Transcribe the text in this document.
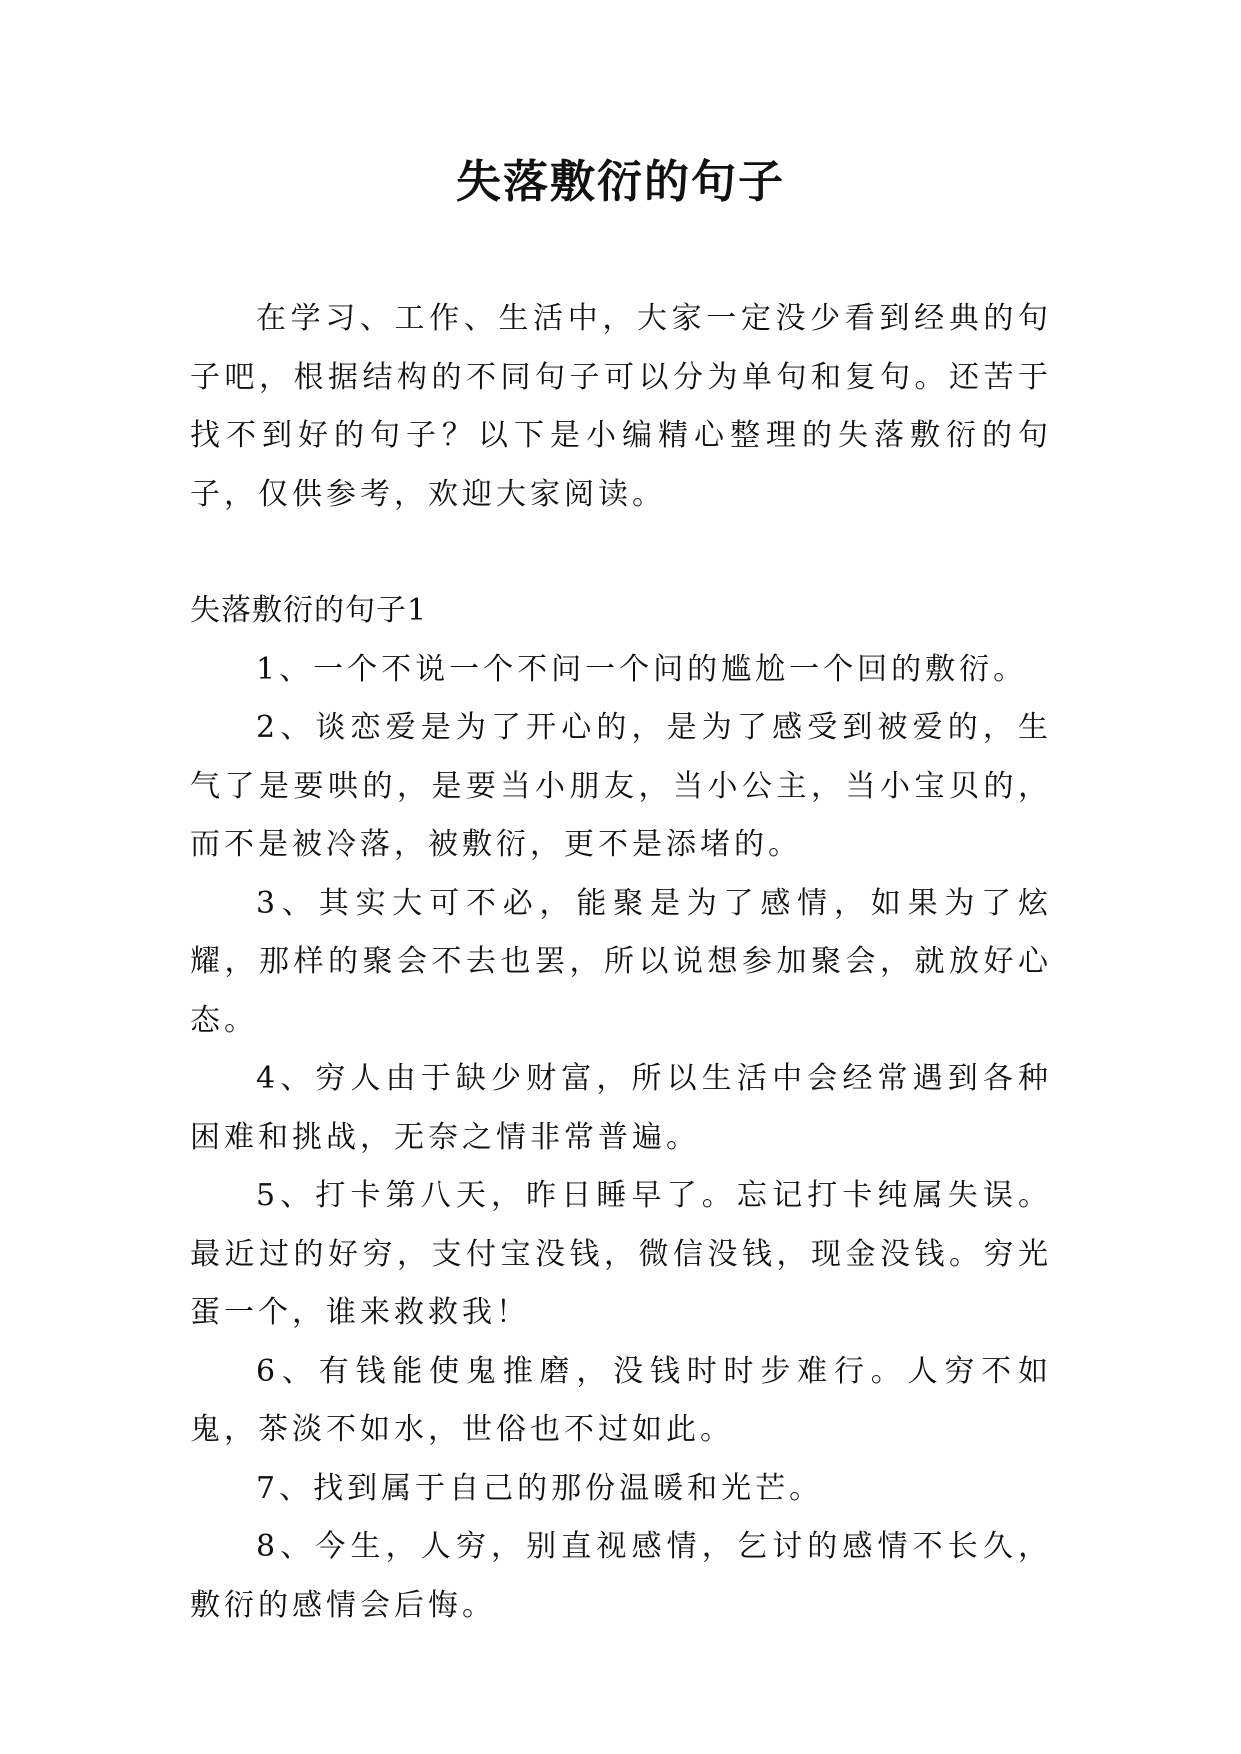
失落敷衍的句子

在学习、工作、生活中，大家一定没少看到经典的句子吧，根据结构的不同句子可以分为单句和复句。还苦于找不到好的句子？以下是小编精心整理的失落敷衍的句子，仅供参考，欢迎大家阅读。

失落敷衍的句子1

1、一个不说一个不问一个问的尴尬一个回的敷衍。

2、谈恋爱是为了开心的，是为了感受到被爱的，生气了是要哄的，是要当小朋友，当小公主，当小宝贝的，而不是被冷落，被敷衍，更不是添堵的。

3、其实大可不必，能聚是为了感情，如果为了炫耀，那样的聚会不去也罢，所以说想参加聚会，就放好心态。

4、穷人由于缺少财富，所以生活中会经常遇到各种困难和挑战，无奈之情非常普遍。

5、打卡第八天，昨日睡早了。忘记打卡纯属失误。最近过的好穷，支付宝没钱，微信没钱，现金没钱。穷光蛋一个，谁来救救我！

6、有钱能使鬼推磨，没钱时时步难行。人穷不如鬼，茶淡不如水，世俗也不过如此。

7、找到属于自己的那份温暖和光芒。

8、今生，人穷，别直视感情，乞讨的感情不长久，敷衍的感情会后悔。
